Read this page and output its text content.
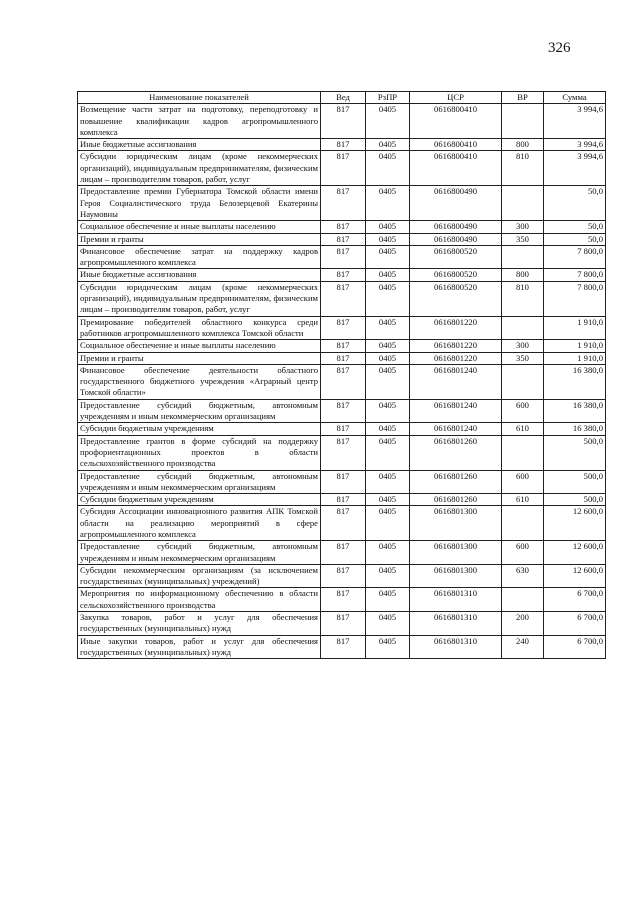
326
Наименование показателей	Вед	РзПР	ЦСР	ВР	Сумма
Возмещение части затрат на подготовку, переподготовку и повышение квалификации кадров агропромышленного комплекса	817	0405	0616800410		3 994,6
Иные бюджетные ассигнования	817	0405	0616800410	800	3 994,6
Субсидии юридическим лицам (кроме некоммерческих организаций), индивидуальным предпринимателям, физическим лицам – производителям товаров, работ, услуг	817	0405	0616800410	810	3 994,6
Предоставление премии Губернатора Томской области имени Героя Социалистического труда Белозерцевой Екатерины Наумовны	817	0405	0616800490		50,0
Социальное обеспечение и иные выплаты населению	817	0405	0616800490	300	50,0
Премии и гранты	817	0405	0616800490	350	50,0
Финансовое обеспечение затрат на поддержку кадров агропромышленного комплекса	817	0405	0616800520		7 800,0
Иные бюджетные ассигнования	817	0405	0616800520	800	7 800,0
Субсидии юридическим лицам (кроме некоммерческих организаций), индивидуальным предпринимателям, физическим лицам – производителям товаров, работ, услуг	817	0405	0616800520	810	7 800,0
Премирование победителей областного конкурса среди работников агропромышленного комплекса Томской области	817	0405	0616801220		1 910,0
Социальное обеспечение и иные выплаты населению	817	0405	0616801220	300	1 910,0
Премии и гранты	817	0405	0616801220	350	1 910,0
Финансовое обеспечение деятельности областного государственного бюджетного учреждения «Аграрный центр Томской области»	817	0405	0616801240		16 380,0
Предоставление субсидий бюджетным, автономным учреждениям и иным некоммерческим организациям	817	0405	0616801240	600	16 380,0
Субсидии бюджетным учреждениям	817	0405	0616801240	610	16 380,0
Предоставление грантов в форме субсидий на поддержку профориентационных проектов в области сельскохозяйственного производства	817	0405	0616801260		500,0
Предоставление субсидий бюджетным, автономным учреждениям и иным некоммерческим организациям	817	0405	0616801260	600	500,0
Субсидии бюджетным учреждениям	817	0405	0616801260	610	500,0
Субсидия Ассоциации инновационного развития АПК Томской области на реализацию мероприятий в сфере агропромышленного комплекса	817	0405	0616801300		12 600,0
Предоставление субсидий бюджетным, автономным учреждениям и иным некоммерческим организациям	817	0405	0616801300	600	12 600,0
Субсидии некоммерческим организациям (за исключением государственных (муниципальных) учреждений)	817	0405	0616801300	630	12 600,0
Мероприятия по информационному обеспечению в области сельскохозяйственного производства	817	0405	0616801310		6 700,0
Закупка товаров, работ и услуг для обеспечения государственных (муниципальных) нужд	817	0405	0616801310	200	6 700,0
Иные закупки товаров, работ и услуг для обеспечения государственных (муниципальных) нужд	817	0405	0616801310	240	6 700,0
